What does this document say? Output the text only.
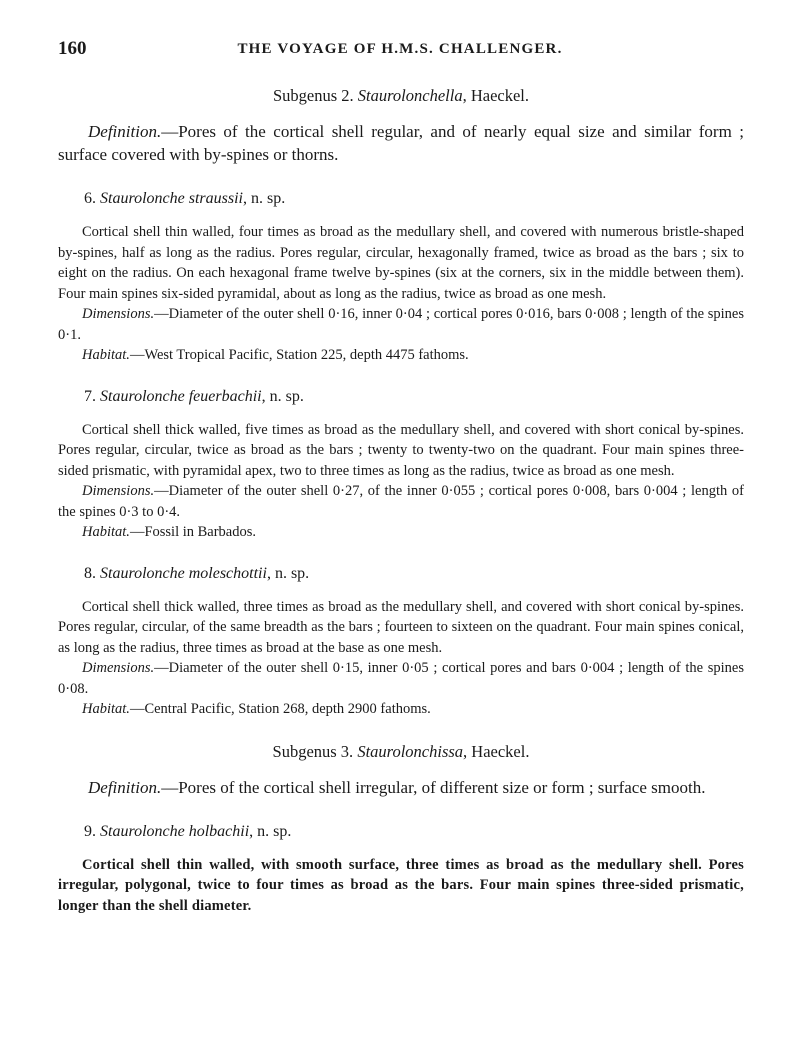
160	THE VOYAGE OF H.M.S. CHALLENGER.
Subgenus 2. Staurolonchella, Haeckel.

Definition.—Pores of the cortical shell regular, and of nearly equal size and similar form ; surface covered with by-spines or thorns.

6. Staurolonche straussii, n. sp.

Cortical shell thin walled, four times as broad as the medullary shell, and covered with numerous bristle-shaped by-spines, half as long as the radius. Pores regular, circular, hexagonally framed, twice as broad as the bars ; six to eight on the radius. On each hexagonal frame twelve by-spines (six at the corners, six in the middle between them). Four main spines six-sided pyramidal, about as long as the radius, twice as broad as one mesh.

Dimensions.—Diameter of the outer shell 0·16, inner 0·04 ; cortical pores 0·016, bars 0·008 ; length of the spines 0·1.

Habitat.—West Tropical Pacific, Station 225, depth 4475 fathoms.

7. Staurolonche feuerbachii, n. sp.

Cortical shell thick walled, five times as broad as the medullary shell, and covered with short conical by-spines. Pores regular, circular, twice as broad as the bars ; twenty to twenty-two on the quadrant. Four main spines three-sided prismatic, with pyramidal apex, two to three times as long as the radius, twice as broad as one mesh.

Dimensions.—Diameter of the outer shell 0·27, of the inner 0·055 ; cortical pores 0·008, bars 0·004 ; length of the spines 0·3 to 0·4.

Habitat.—Fossil in Barbados.

8. Staurolonche moleschottii, n. sp.

Cortical shell thick walled, three times as broad as the medullary shell, and covered with short conical by-spines. Pores regular, circular, of the same breadth as the bars ; fourteen to sixteen on the quadrant. Four main spines conical, as long as the radius, three times as broad at the base as one mesh.

Dimensions.—Diameter of the outer shell 0·15, inner 0·05 ; cortical pores and bars 0·004 ; length of the spines 0·08.

Habitat.—Central Pacific, Station 268, depth 2900 fathoms.

Subgenus 3. Staurolonchissa, Haeckel.

Definition.—Pores of the cortical shell irregular, of different size or form ; surface smooth.

9. Staurolonche holbachii, n. sp.

Cortical shell thin walled, with smooth surface, three times as broad as the medullary shell. Pores irregular, polygonal, twice to four times as broad as the bars. Four main spines three-sided prismatic, longer than the shell diameter.
